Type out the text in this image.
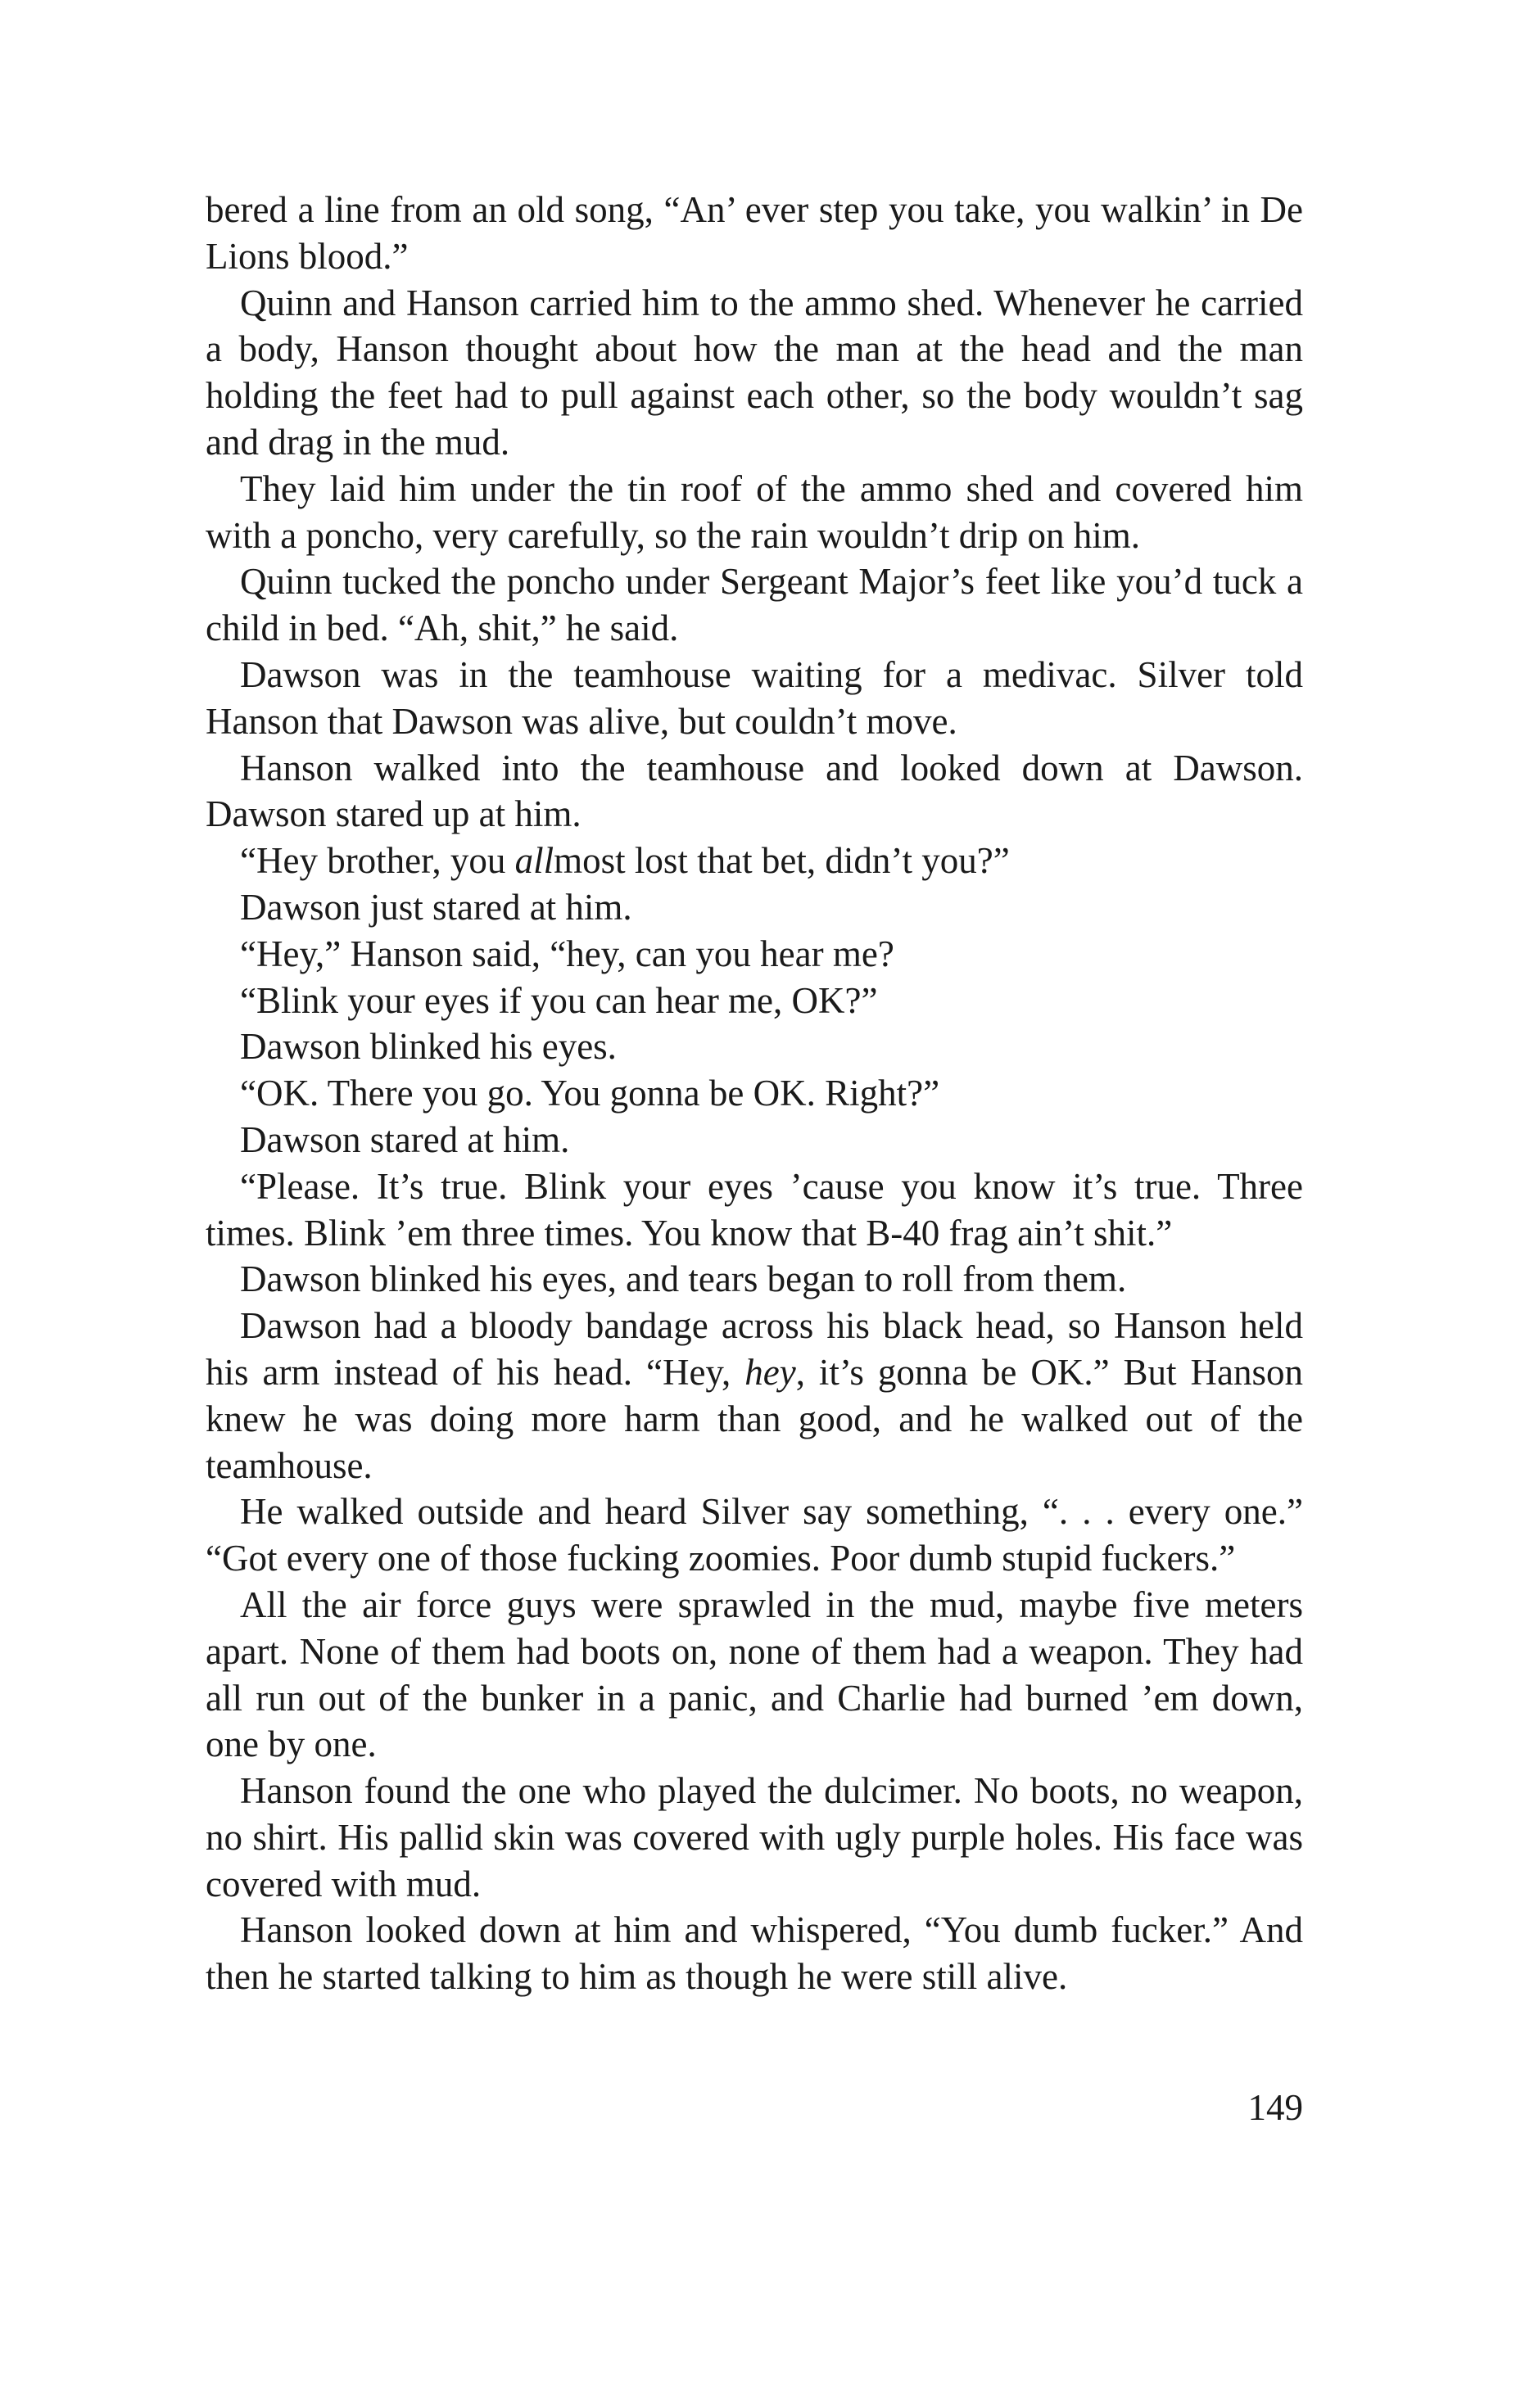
bered a line from an old song, “An’ ever step you take, you walkin’ in De Lions blood.”

Quinn and Hanson carried him to the ammo shed. Whenever he carried a body, Hanson thought about how the man at the head and the man holding the feet had to pull against each other, so the body wouldn’t sag and drag in the mud.

They laid him under the tin roof of the ammo shed and covered him with a poncho, very carefully, so the rain wouldn’t drip on him.

Quinn tucked the poncho under Sergeant Major’s feet like you’d tuck a child in bed. “Ah, shit,” he said.

Dawson was in the teamhouse waiting for a medivac. Silver told Hanson that Dawson was alive, but couldn’t move.

Hanson walked into the teamhouse and looked down at Dawson. Dawson stared up at him.

“Hey brother, you allmost lost that bet, didn’t you?”

Dawson just stared at him.

“Hey,” Hanson said, “hey, can you hear me?

“Blink your eyes if you can hear me, OK?”

Dawson blinked his eyes.

“OK. There you go. You gonna be OK. Right?”

Dawson stared at him.

“Please. It’s true. Blink your eyes ’cause you know it’s true. Three times. Blink ’em three times. You know that B-40 frag ain’t shit.”

Dawson blinked his eyes, and tears began to roll from them.

Dawson had a bloody bandage across his black head, so Hanson held his arm instead of his head. “Hey, hey, it’s gonna be OK.” But Hanson knew he was doing more harm than good, and he walked out of the teamhouse.

He walked outside and heard Silver say something, “. . . every one.” “Got every one of those fucking zoomies. Poor dumb stupid fuckers.”

All the air force guys were sprawled in the mud, maybe five meters apart. None of them had boots on, none of them had a weapon. They had all run out of the bunker in a panic, and Charlie had burned ’em down, one by one.

Hanson found the one who played the dulcimer. No boots, no weapon, no shirt. His pallid skin was covered with ugly purple holes. His face was covered with mud.

Hanson looked down at him and whispered, “You dumb fucker.” And then he started talking to him as though he were still alive.

149
